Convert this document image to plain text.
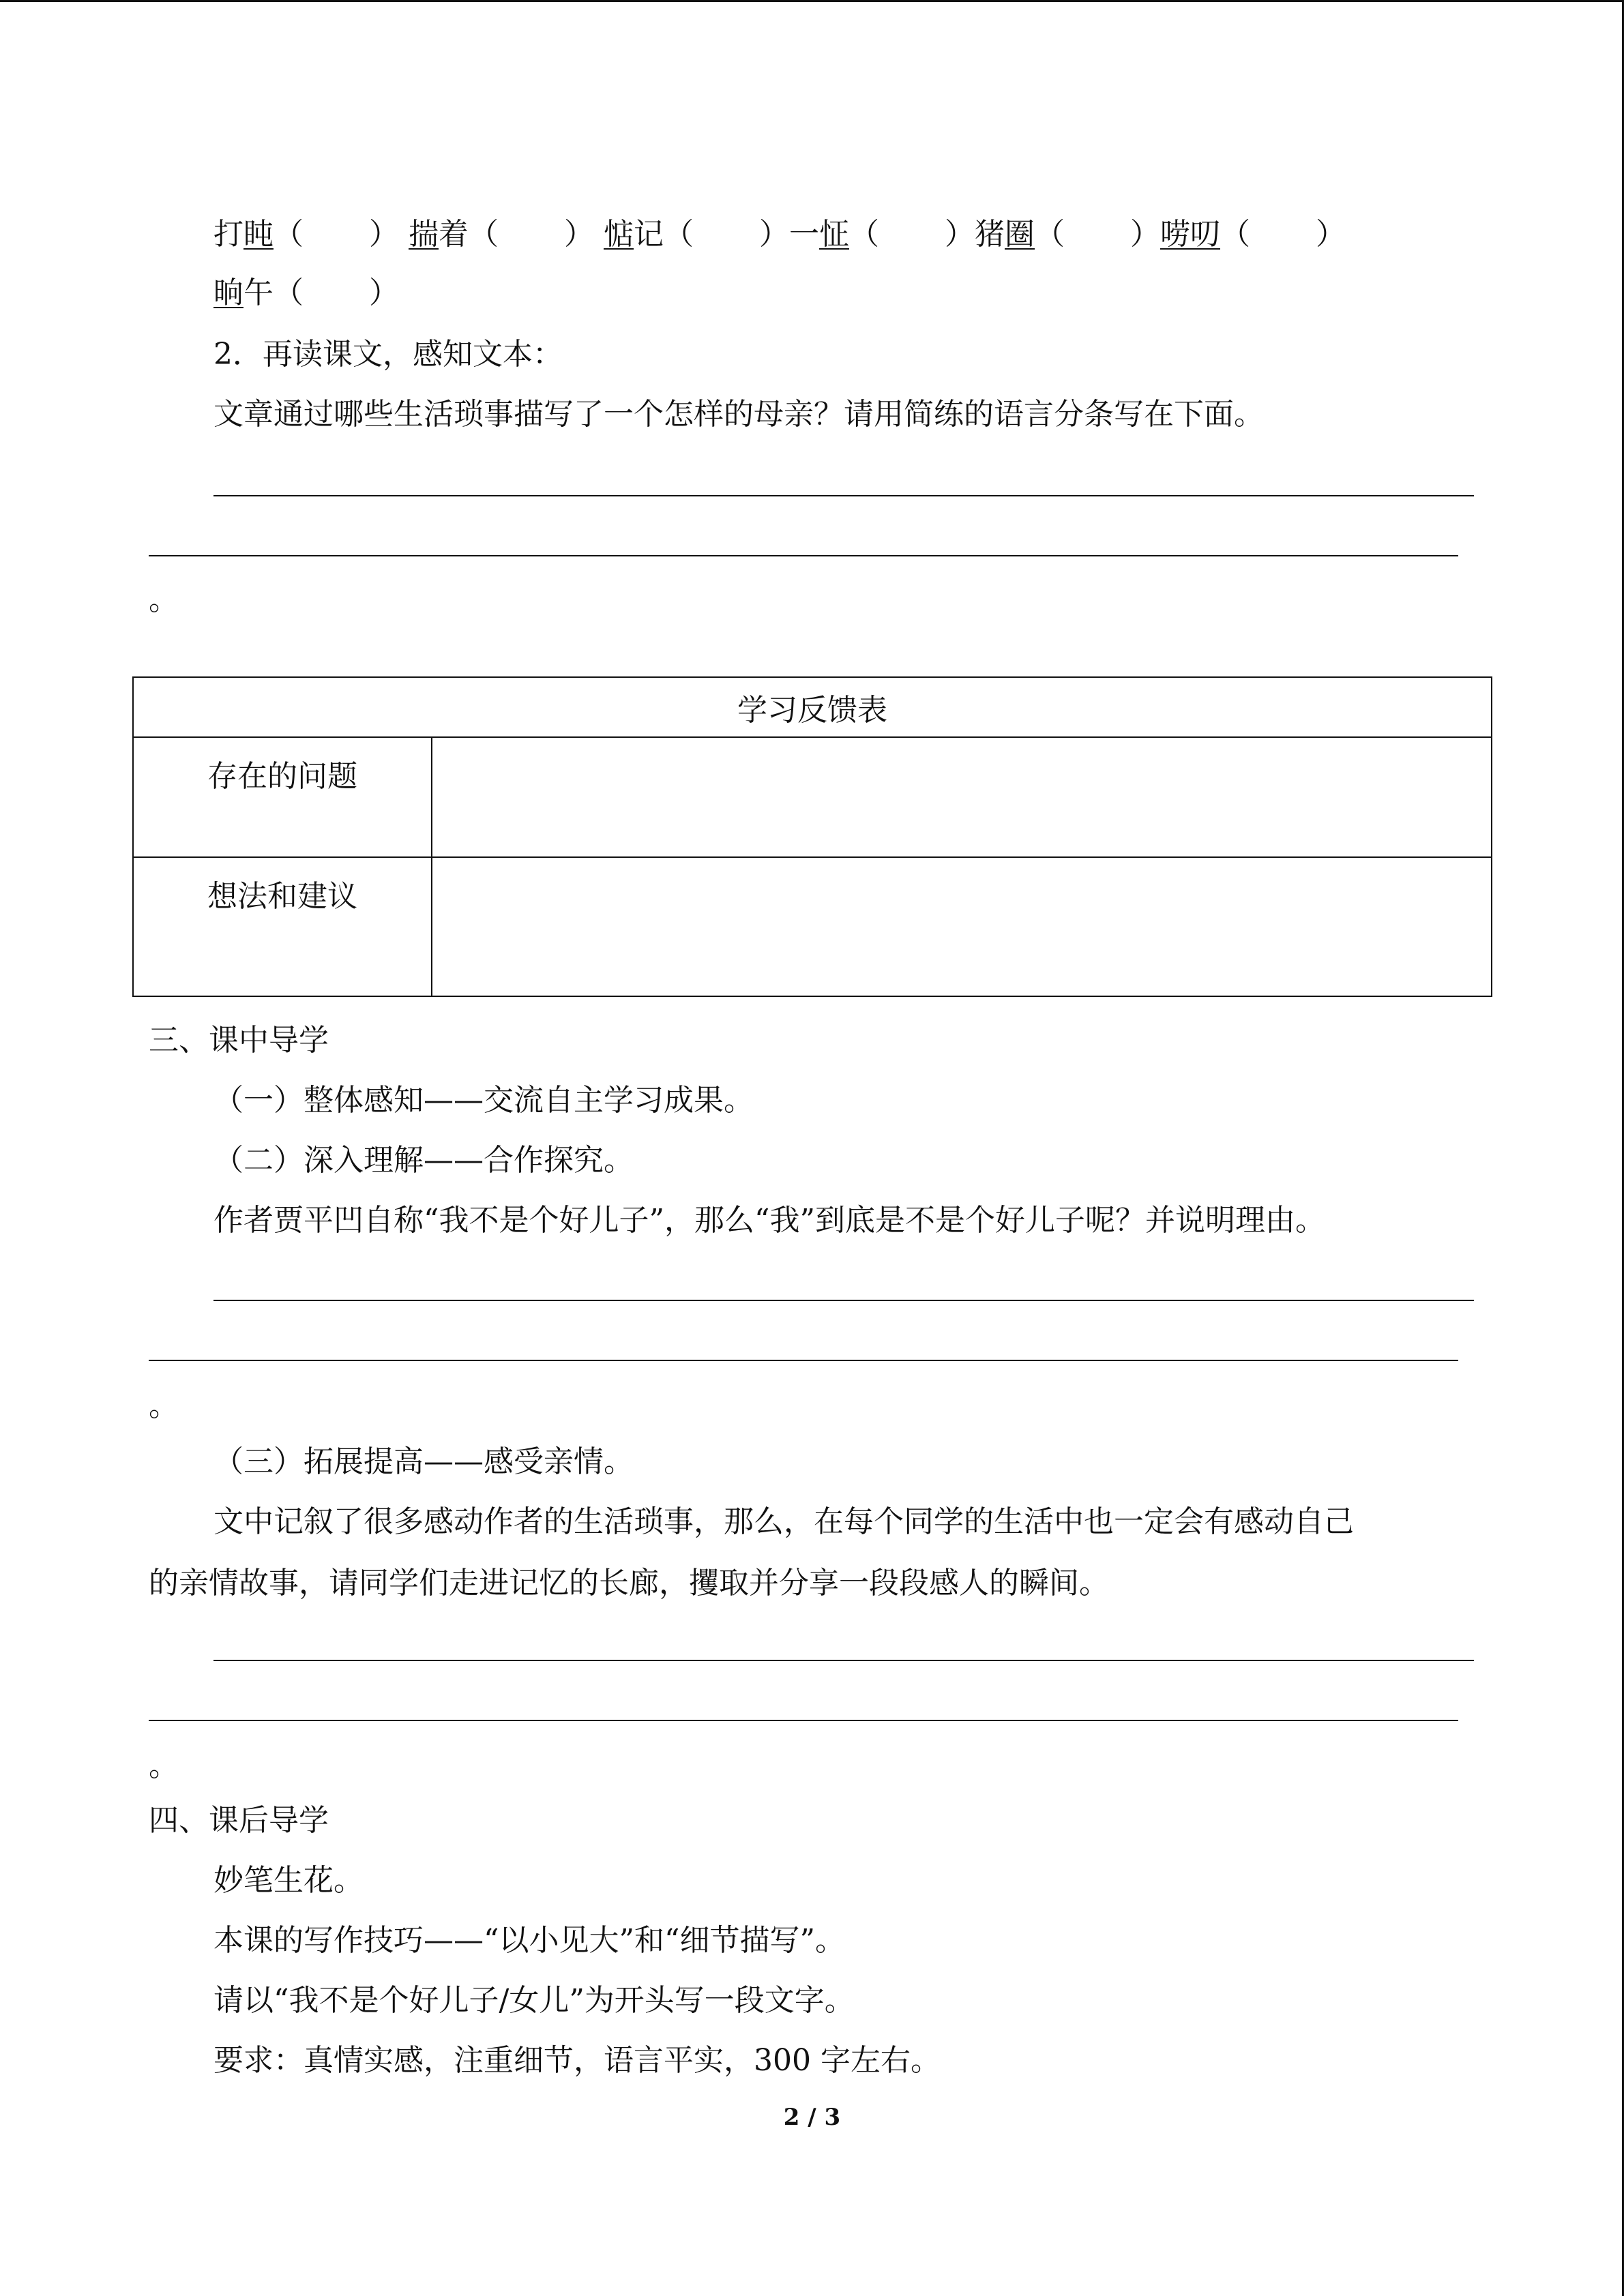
打盹（ ） 揣着（ ） 惦记（ ）一怔（ ）猪圈（ ）唠叨（ ）
晌午（ ）
2．再读课文，感知文本：
文章通过哪些生活琐事描写了一个怎样的母亲？请用简练的语言分条写在下面。
。
学习反馈表	

存在的问题	

想法和建议	

三、课中导学
（一）整体感知——交流自主学习成果。
（二）深入理解——合作探究。
作者贾平凹自称“我不是个好儿子”，那么“我”到底是不是个好儿子呢？并说明理由。
。
（三）拓展提高——感受亲情。
文中记叙了很多感动作者的生活琐事，那么，在每个同学的生活中也一定会有感动自己
的亲情故事，请同学们走进记忆的长廊，攫取并分享一段段感人的瞬间。
。
四、课后导学
妙笔生花。
本课的写作技巧——“以小见大”和“细节描写”。
请以“我不是个好儿子/女儿”为开头写一段文字。
要求：真情实感，注重细节，语言平实，300 字左右。
2 / 3
